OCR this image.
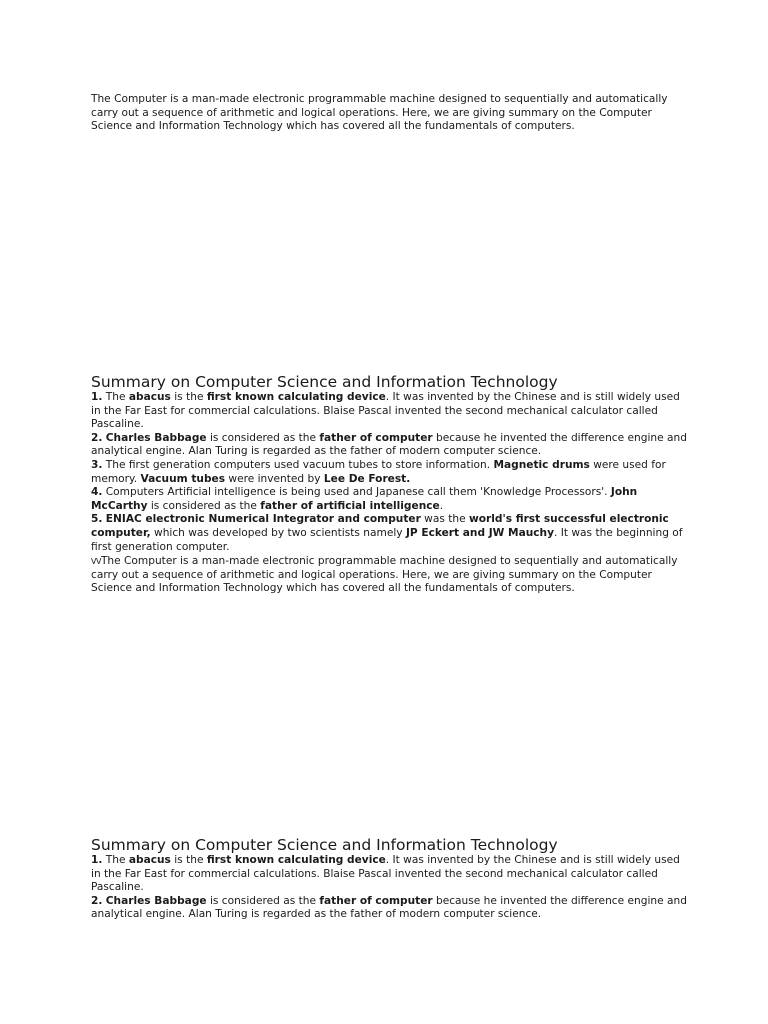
The Computer is a man-made electronic programmable machine designed to sequentially and automatically carry out a sequence of arithmetic and logical operations. Here, we are giving summary on the Computer Science and Information Technology which has covered all the fundamentals of computers.

Summary on Computer Science and Information Technology

1. The abacus is the first known calculating device. It was invented by the Chinese and is still widely used in the Far East for commercial calculations. Blaise Pascal invented the second mechanical calculator called Pascaline.

2. Charles Babbage is considered as the father of computer because he invented the difference engine and analytical engine. Alan Turing is regarded as the father of modern computer science.

3. The first generation computers used vacuum tubes to store information. Magnetic drums were used for memory. Vacuum tubes were invented by Lee De Forest.

4. Computers Artificial intelligence is being used and Japanese call them 'Knowledge Processors'. John McCarthy is considered as the father of artificial intelligence.

5. ENIAC electronic Numerical Integrator and computer was the world's first successful electronic computer, which was developed by two scientists namely JP Eckert and JW Mauchy. It was the beginning of first generation computer.

VVThe Computer is a man-made electronic programmable machine designed to sequentially and automatically carry out a sequence of arithmetic and logical operations. Here, we are giving summary on the Computer Science and Information Technology which has covered all the fundamentals of computers.

Summary on Computer Science and Information Technology

1. The abacus is the first known calculating device. It was invented by the Chinese and is still widely used in the Far East for commercial calculations. Blaise Pascal invented the second mechanical calculator called Pascaline.

2. Charles Babbage is considered as the father of computer because he invented the difference engine and analytical engine. Alan Turing is regarded as the father of modern computer science.
